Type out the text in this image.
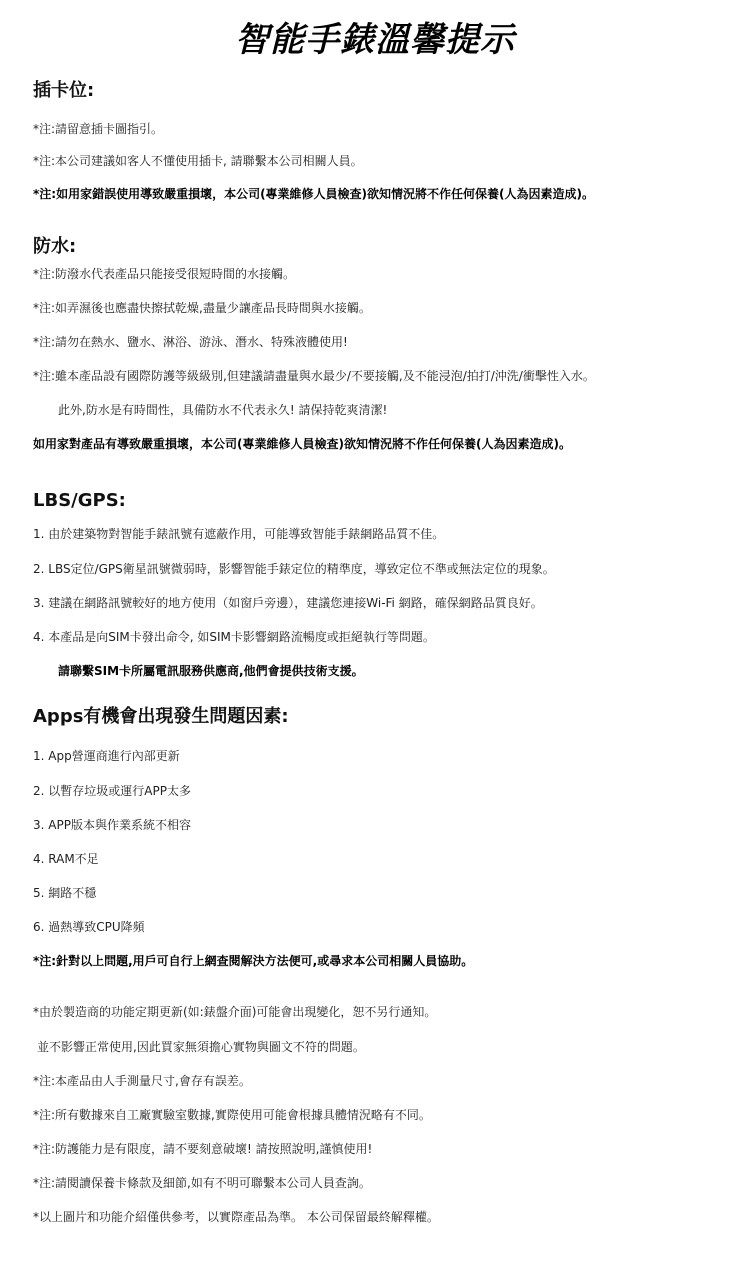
智能手錶溫馨提示
插卡位:
*注:請留意插卡圖指引。
*注:本公司建議如客人不懂使用插卡, 請聯繫本公司相關人員。
*注:如用家錯誤使用導致嚴重損壞，本公司(專業維修人員檢查)欲知情況將不作任何保養(人為因素造成)。
防水:
*注:防潑水代表產品只能接受很短時間的水接觸。
*注:如弄濕後也應盡快擦拭乾燥,盡量少讓產品長時間與水接觸。
*注:請勿在熱水、鹽水、淋浴、游泳、潛水、特殊液體使用!
*注:雖本產品設有國際防護等級級別,但建議請盡量與水最少/不要接觸,及不能浸泡/拍打/沖洗/衝擊性入水。
此外,防水是有時間性，具備防水不代表永久! 請保持乾爽清潔!
如用家對產品有導致嚴重損壞，本公司(專業維修人員檢查)欲知情況將不作任何保養(人為因素造成)。
LBS/GPS:
1. 由於建築物對智能手錶訊號有遮蔽作用，可能導致智能手錶網路品質不佳。
2. LBS定位/GPS衛星訊號微弱時，影響智能手錶定位的精準度，導致定位不準或無法定位的現象。
3. 建議在網路訊號較好的地方使用（如窗戶旁邊），建議您連接Wi-Fi 網路，確保網路品質良好。
4. 本產品是向SIM卡發出命令, 如SIM卡影響網路流暢度或拒絕執行等問題。
請聯繫SIM卡所屬電訊服務供應商,他們會提供技術支援。
Apps有機會出現發生問題因素:
1. App營運商進行內部更新
2. 以暫存垃圾或運行APP太多
3. APP版本與作業系統不相容
4. RAM不足
5. 網路不穩
6. 過熱導致CPU降頻
*注:針對以上問題,用戶可自行上網查閱解決方法便可,或尋求本公司相關人員協助。
*由於製造商的功能定期更新(如:錶盤介面)可能會出現變化，恕不另行通知。
並不影響正常使用,因此買家無須擔心實物與圖文不符的問題。
*注:本產品由人手測量尺寸,會存有誤差。
*注:所有數據來自工廠實驗室數據,實際使用可能會根據具體情況略有不同。
*注:防護能力是有限度，請不要刻意破壞! 請按照說明,謹慎使用!
*注:請閱讀保養卡條款及細節,如有不明可聯繫本公司人員查詢。
*以上圖片和功能介紹僅供參考，以實際產品為準。 本公司保留最終解釋權。
